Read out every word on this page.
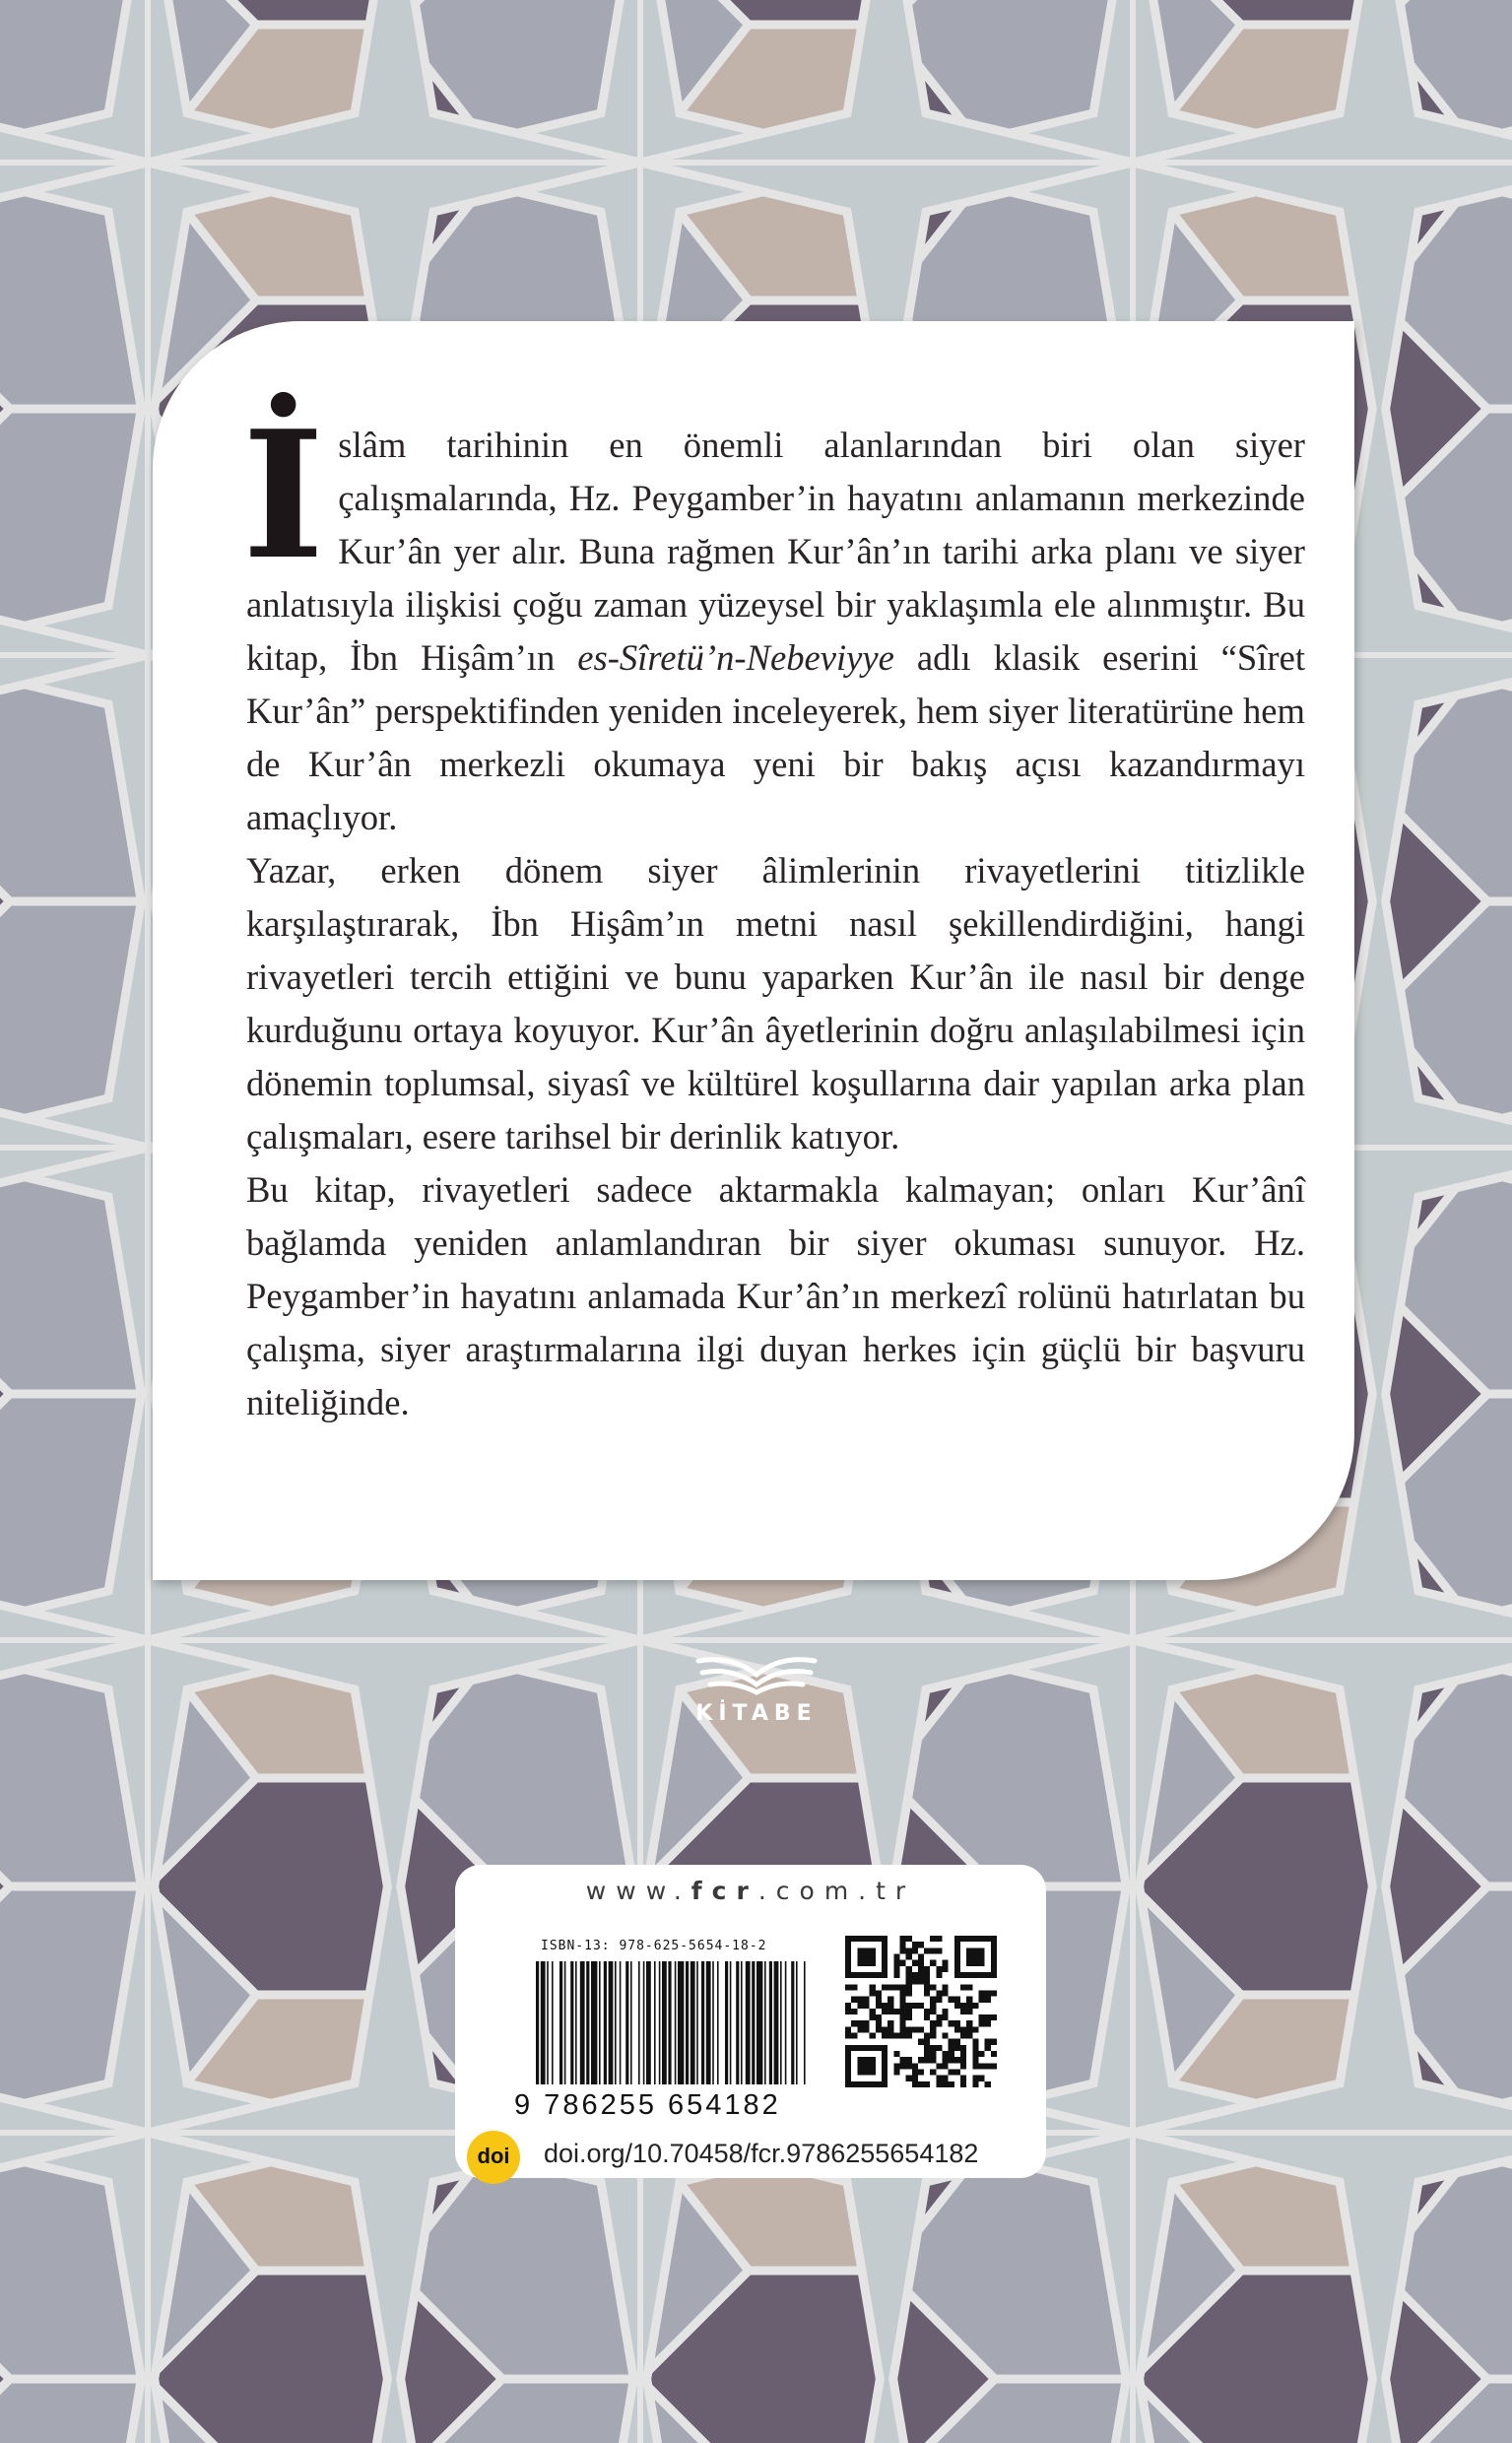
İslâm tarihinin en önemli alanlarından biri olan siyer çalışmalarında, Hz. Peygamber’in hayatını anlamanın merkezinde Kur’ân yer alır. Buna rağmen Kur’ân’ın tarihi arka planı ve siyer anlatısıyla ilişkisi çoğu zaman yüzeysel bir yaklaşımla ele alınmıştır. Bu kitap, İbn Hişâm’ın es-Sîretü’n-Nebeviyye adlı klasik eserini “Sîret Kur’ân” perspektifinden yeniden inceleyerek, hem siyer literatürüne hem de Kur’ân merkezli okumaya yeni bir bakış açısı kazandırmayı amaçlıyor.

Yazar, erken dönem siyer âlimlerinin rivayetlerini titizlikle karşılaştırarak, İbn Hişâm’ın metni nasıl şekillendirdiğini, hangi rivayetleri tercih ettiğini ve bunu yaparken Kur’ân ile nasıl bir denge kurduğunu ortaya koyuyor. Kur’ân âyetlerinin doğru anlaşılabilmesi için dönemin toplumsal, siyasî ve kültürel koşullarına dair yapılan arka plan çalışmaları, esere tarihsel bir derinlik katıyor.

Bu kitap, rivayetleri sadece aktarmakla kalmayan; onları Kur’ânî bağlamda yeniden anlamlandıran bir siyer okuması sunuyor. Hz. Peygamber’in hayatını anlamada Kur’ân’ın merkezî rolünü hatırlatan bu çalışma, siyer araştırmalarına ilgi duyan herkes için güçlü bir başvuru niteliğinde.

KİTABE
www.fcr.com.tr
ISBN-13: 978-625-5654-18-2
9 786255 654182
doi	doi.org/10.70458/fcr.9786255654182
